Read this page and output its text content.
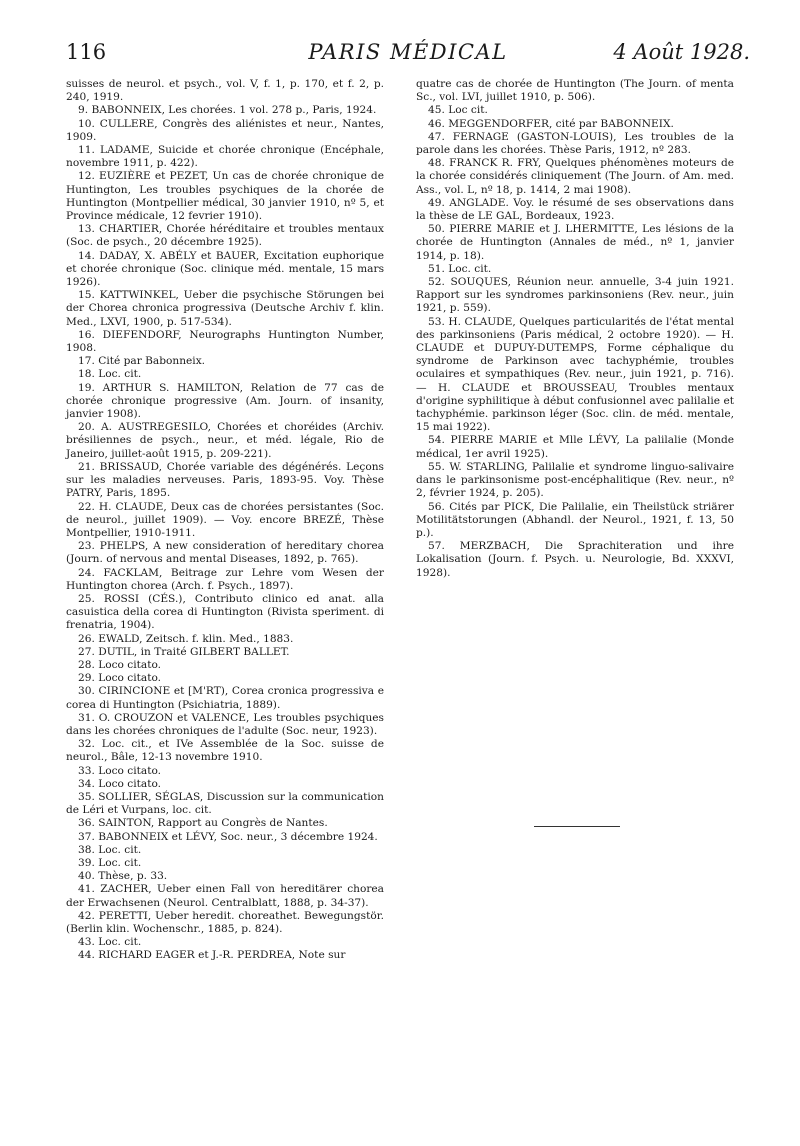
116	PARIS MÉDICAL	4 Août 1928.

suisses de neurol. et psych., vol. V, f. 1, p. 170, et f. 2, p. 240, 1919.

9. BABONNEIX, Les chorées. 1 vol. 278 p., Paris, 1924.

10. CULLERE, Congrès des aliénistes et neur., Nantes, 1909.

11. LADAME, Suicide et chorée chronique (Encéphale, novembre 1911, p. 422).

12. EUZIÈRE et PEZET, Un cas de chorée chronique de Huntington, Les troubles psychiques de la chorée de Huntington (Montpellier médical, 30 janvier 1910, nº 5, et Province médicale, 12 fevrier 1910).

13. CHARTIER, Chorée héréditaire et troubles mentaux (Soc. de psych., 20 décembre 1925).

14. DADAY, X. ABÉLY et BAUER, Excitation euphorique et chorée chronique (Soc. clinique méd. mentale, 15 mars 1926).

15. KATTWINKEL, Ueber die psychische Störungen bei der Chorea chronica progressiva (Deutsche Archiv f. klin. Med., LXVI, 1900, p. 517-534).

16. DIEFENDORF, Neurographs Huntington Number, 1908.

17. Cité par Babonneix.

18. Loc. cit.

19. ARTHUR S. HAMILTON, Relation de 77 cas de chorée chronique progressive (Am. Journ. of insanity, janvier 1908).

20. A. AUSTREGESILO, Chorées et choréides (Archiv. brésiliennes de psych., neur., et méd. légale, Rio de Janeiro, juillet-août 1915, p. 209-221).

21. BRISSAUD, Chorée variable des dégénérés. Leçons sur les maladies nerveuses. Paris, 1893-95. Voy. Thèse PATRY, Paris, 1895.

22. H. CLAUDE, Deux cas de chorées persistantes (Soc. de neurol., juillet 1909). — Voy. encore BREZÉ, Thèse Montpellier, 1910-1911.

23. PHELPS, A new consideration of hereditary chorea (Journ. of nervous and mental Diseases, 1892, p. 765).

24. FACKLAM, Beitrage zur Lehre vom Wesen der Huntington chorea (Arch. f. Psych., 1897).

25. ROSSI (CÉS.), Contributo clinico ed anat. alla casuistica della corea di Huntington (Rivista speriment. di frenatria, 1904).

26. EWALD, Zeitsch. f. klin. Med., 1883.

27. DUTIL, in Traité GILBERT BALLET.

28. Loco citato.

29. Loco citato.

30. CIRINCIONE et [M'RT), Corea cronica progressiva e corea di Huntington (Psichiatria, 1889).

31. O. CROUZON et VALENCE, Les troubles psychiques dans les chorées chroniques de l'adulte (Soc. neur, 1923).

32. Loc. cit., et IVe Assemblée de la Soc. suisse de neurol., Bâle, 12-13 novembre 1910.

33. Loco citato.

34. Loco citato.

35. SOLLIER, SÉGLAS, Discussion sur la communication de Léri et Vurpans, loc. cit.

36. SAINTON, Rapport au Congrès de Nantes.

37. BABONNEIX et LÉVY, Soc. neur., 3 décembre 1924.

38. Loc. cit.

39. Loc. cit.

40. Thèse, p. 33.

41. ZACHER, Ueber einen Fall von hereditärer chorea der Erwachsenen (Neurol. Centralblatt, 1888, p. 34-37).

42. PERETTI, Ueber heredit. choreathet. Bewegungstör. (Berlin klin. Wochenschr., 1885, p. 824).

43. Loc. cit.

44. RICHARD EAGER et J.-R. PERDREA, Note sur

quatre cas de chorée de Huntington (The Journ. of menta Sc., vol. LVI, juillet 1910, p. 506).

45. Loc cit.

46. MEGGENDORFER, cité par BABONNEIX.

47. FERNAGE (GASTON-LOUIS), Les troubles de la parole dans les chorées. Thèse Paris, 1912, nº 283.

48. FRANCK R. FRY, Quelques phénomènes moteurs de la chorée considérés cliniquement (The Journ. of Am. med. Ass., vol. L, nº 18, p. 1414, 2 mai 1908).

49. ANGLADE. Voy. le résumé de ses observations dans la thèse de LE GAL, Bordeaux, 1923.

50. PIERRE MARIE et J. LHERMITTE, Les lésions de la chorée de Huntington (Annales de méd., nº 1, janvier 1914, p. 18).

51. Loc. cit.

52. SOUQUES, Réunion neur. annuelle, 3-4 juin 1921. Rapport sur les syndromes parkinsoniens (Rev. neur., juin 1921, p. 559).

53. H. CLAUDE, Quelques particularités de l'état mental des parkinsoniens (Paris médical, 2 octobre 1920). — H. CLAUDE et DUPUY-DUTEMPS, Forme céphalique du syndrome de Parkinson avec tachyphémie, troubles oculaires et sympathiques (Rev. neur., juin 1921, p. 716). — H. CLAUDE et BROUSSEAU, Troubles mentaux d'origine syphilitique à début confusionnel avec palilalie et tachyphémie. parkinson léger (Soc. clin. de méd. mentale, 15 mai 1922).

54. PIERRE MARIE et Mlle LÉVY, La palilalie (Monde médical, 1er avril 1925).

55. W. STARLING, Palilalie et syndrome linguo-salivaire dans le parkinsonisme post-encéphalitique (Rev. neur., nº 2, février 1924, p. 205).

56. Cités par PICK, Die Palilalie, ein Theilstück striärer Motilitätstorungen (Abhandl. der Neurol., 1921, f. 13, 50 p.).

57. MERZBACH, Die Sprachiteration und ihre Lokalisation (Journ. f. Psych. u. Neurologie, Bd. XXXVI, 1928).
